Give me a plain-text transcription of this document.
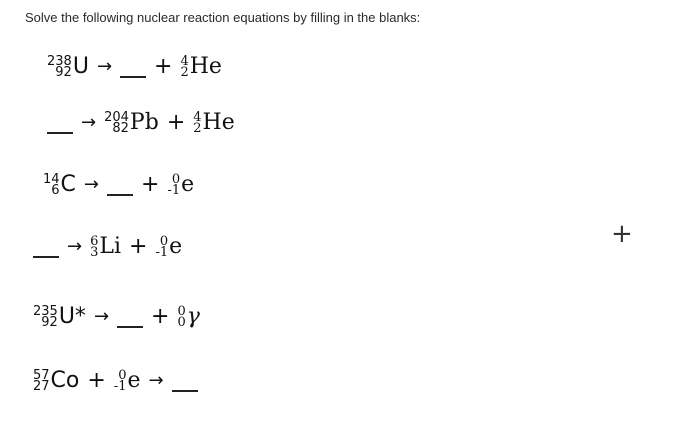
Solve the following nuclear reaction equations by filling in the blanks:
238
92 U → + 4
2 He
→ 204
82 Pb + 4
2 He
14
6 C → + 0
-1 e
→ 6
3 Li + 0
-1 e
235
92 U* → + 0
0 γ
57
27 Co + 0
-1 e →
+
